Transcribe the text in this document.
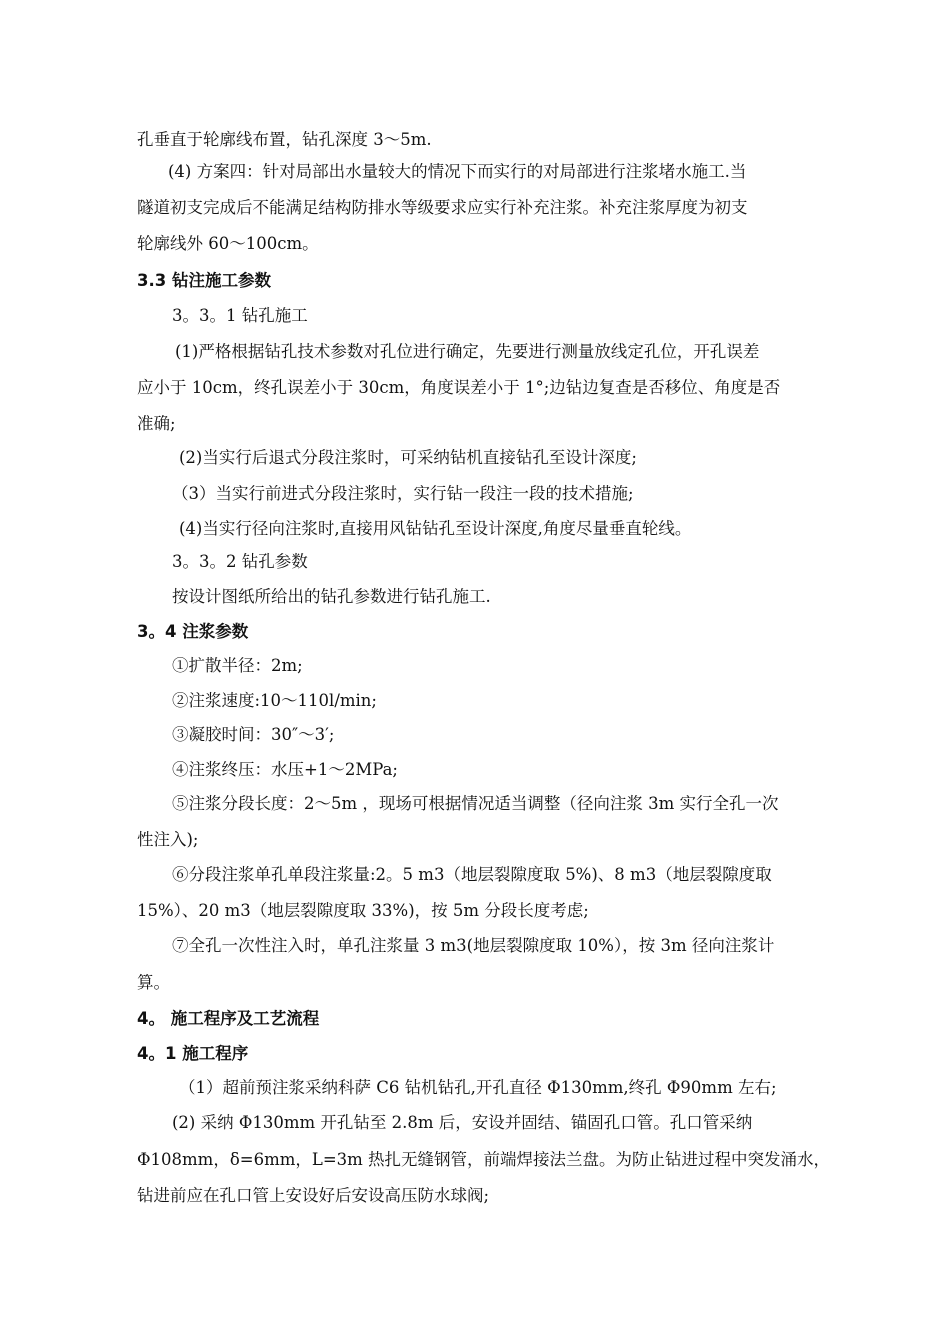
孔垂直于轮廓线布置，钻孔深度 3～5m.
(4) 方案四：针对局部出水量较大的情况下而实行的对局部进行注浆堵水施工.当
隧道初支完成后不能满足结构防排水等级要求应实行补充注浆。补充注浆厚度为初支
轮廓线外 60～100cm。
3.3 钻注施工参数
3。3。1 钻孔施工
(1)严格根据钻孔技术参数对孔位进行确定，先要进行测量放线定孔位，开孔误差
应小于 10cm，终孔误差小于 30cm，角度误差小于 1°;边钻边复查是否移位、角度是否
准确;
(2)当实行后退式分段注浆时，可采纳钻机直接钻孔至设计深度;
（3）当实行前进式分段注浆时，实行钻一段注一段的技术措施;
(4)当实行径向注浆时,直接用风钻钻孔至设计深度,角度尽量垂直轮线。
3。3。2 钻孔参数
按设计图纸所给出的钻孔参数进行钻孔施工.
3。4 注浆参数
①扩散半径：2m;
②注浆速度:10～110l/min;
③凝胶时间：30″～3′;
④注浆终压：水压+1～2MPa;
⑤注浆分段长度：2～5m ，现场可根据情况适当调整（径向注浆 3m 实行全孔一次
性注入);
⑥分段注浆单孔单段注浆量:2。5 m3（地层裂隙度取 5%)、8 m3（地层裂隙度取
15%）、20 m3（地层裂隙度取 33%)，按 5m 分段长度考虑;
⑦全孔一次性注入时，单孔注浆量 3 m3(地层裂隙度取 10%），按 3m 径向注浆计
算。
4。 施工程序及工艺流程
4。1 施工程序
（1）超前预注浆采纳科萨 C6 钻机钻孔,开孔直径 Φ130mm,终孔 Φ90mm 左右;
(2) 采纳 Φ130mm 开孔钻至 2.8m 后，安设并固结、锚固孔口管。孔口管采纳
Φ108mm，δ=6mm，L=3m 热扎无缝钢管，前端焊接法兰盘。为防止钻进过程中突发涌水，
钻进前应在孔口管上安设好后安设高压防水球阀;
